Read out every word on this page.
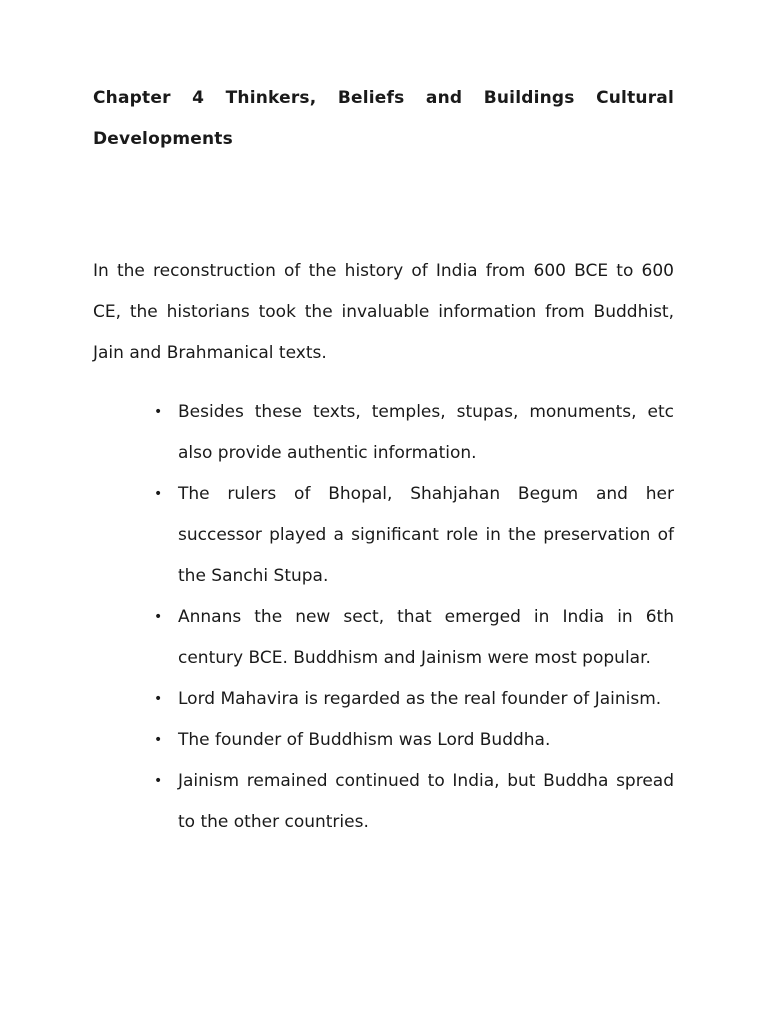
Chapter 4 Thinkers, Beliefs and Buildings Cultural Developments

In the reconstruction of the history of India from 600 BCE to 600 CE, the historians took the invaluable information from Buddhist, Jain and Brahmanical texts.

• Besides these texts, temples, stupas, monuments, etc also provide authentic information.
• The rulers of Bhopal, Shahjahan Begum and her successor played a significant role in the preservation of the Sanchi Stupa.
• Annans the new sect, that emerged in India in 6th century BCE. Buddhism and Jainism were most popular.
• Lord Mahavira is regarded as the real founder of Jainism.
• The founder of Buddhism was Lord Buddha.
• Jainism remained continued to India, but Buddha spread to the other countries.
